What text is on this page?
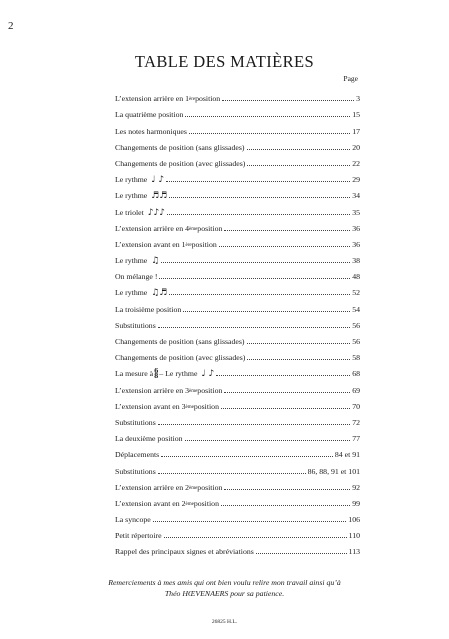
2
TABLE DES MATIÈRES
Page
L’extension arrière en 1ère position	3
La quatrième position	15
Les notes harmoniques	17
Changements de position (sans glissades)	20
Changements de position (avec glissades)	22
Le rythme ♩ ♪	29
Le rythme ♬♬	34
Le triolet ♪♪♪	35
L’extension arrière en 4ème position	36
L’extension avant en 1ère position	36
Le rythme ♫	38
On mélange !	48
Le rythme ♫♬	52
La troisième position	54
Substitutions	56
Changements de position (sans glissades)	56
Changements de position (avec glissades)	58
La mesure à 6
8 – Le rythme ♩ ♪	68
L’extension arrière en 3ème position	69
L’extension avant en 3ème position	70
Substitutions	72
La deuxième position	77
Déplacements	84 et 91
Substitutions	86, 88, 91 et 101
L’extension arrière en 2ème position	92
L’extension avant en 2ème position	99
La syncope	106
Petit répertoire	110
Rappel des principaux signes et abréviations	113
Remerciements à mes amis qui ont bien voulu relire mon travail ainsi qu’à
Théo HŒVENAERS pour sa patience.
26825 H.L.
